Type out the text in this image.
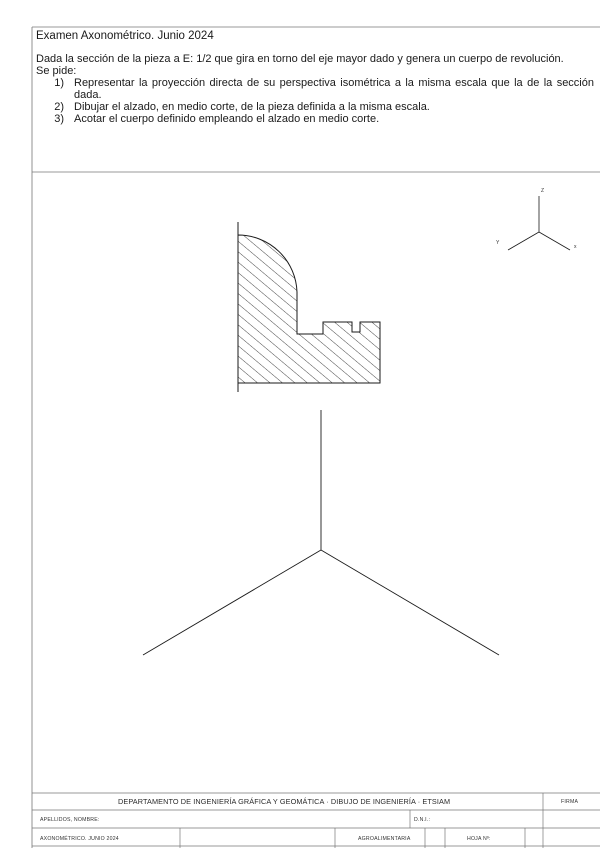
Examen Axonométrico. Junio 2024

Dada la sección de la pieza a E: 1/2 que gira en torno del eje mayor dado y genera un cuerpo de revolución.

Se pide:

1) Representar la proyección directa de su perspectiva isométrica a la misma escala que la de la sección dada.
2) Dibujar el alzado, en medio corte, de la pieza definida a la misma escala.
3) Acotar el cuerpo definido empleando el alzado en medio corte.
Z
Y
x
DEPARTAMENTO DE INGENIERÍA GRÁFICA Y GEOMÁTICA · DIBUJO DE INGENIERÍA · ETSIAM	FIRMA
APELLIDOS, NOMBRE:	D.N.I.:
AXONOMÉTRICO. JUNIO 2024	AGROALIMENTARIA	HOJA Nº:
